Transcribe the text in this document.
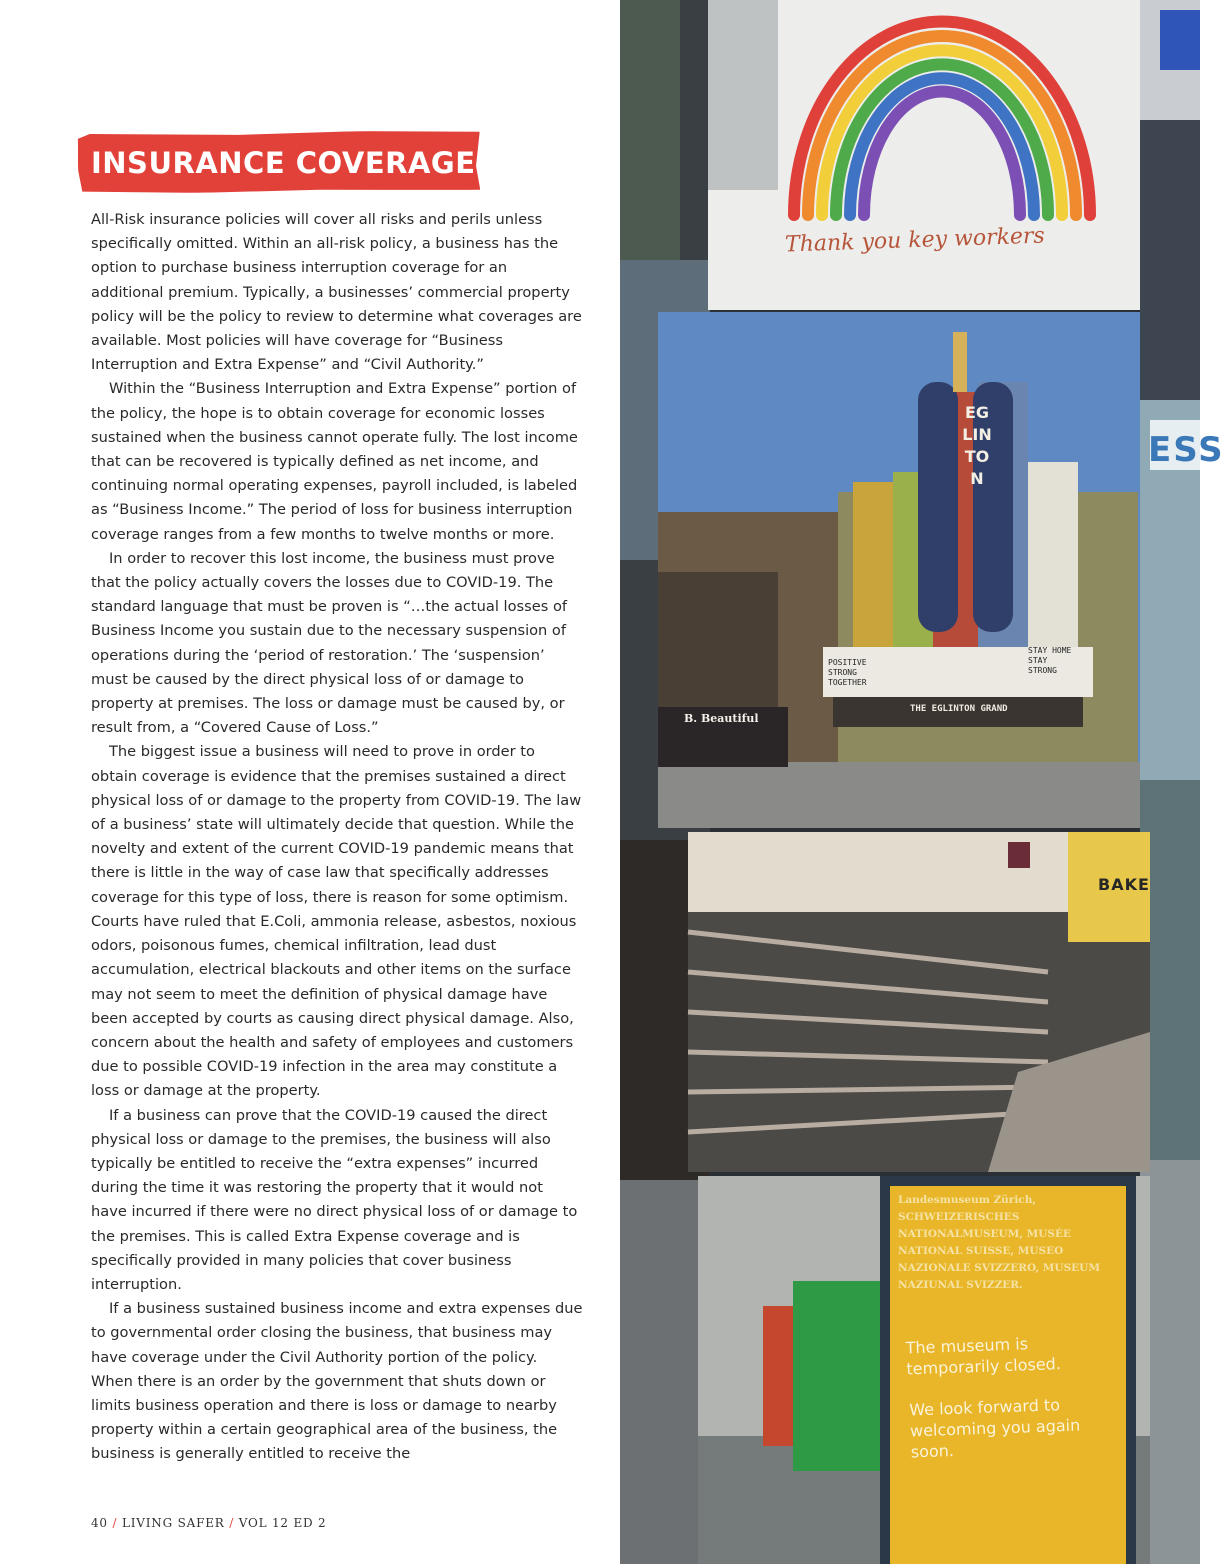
INSURANCE COVERAGE

All-Risk insurance policies will cover all risks and perils unless specifically omitted. Within an all-risk policy, a business has the option to purchase business interruption coverage for an additional premium. Typically, a businesses’ commercial property policy will be the policy to review to determine what coverages are available. Most policies will have coverage for “Business Interruption and Extra Expense” and “Civil Authority.”

Within the “Business Interruption and Extra Expense” portion of the policy, the hope is to obtain coverage for economic losses sustained when the business cannot operate fully. The lost income that can be recovered is typically defined as net income, and continuing normal operating expenses, payroll included, is labeled as “Business Income.” The period of loss for business interruption coverage ranges from a few months to twelve months or more.

In order to recover this lost income, the business must prove that the policy actually covers the losses due to COVID-19. The standard language that must be proven is “…the actual losses of Business Income you sustain due to the necessary suspension of operations during the ‘period of restoration.’ The ‘suspension’ must be caused by the direct physical loss of or damage to property at premises. The loss or damage must be caused by, or result from, a “Covered Cause of Loss.”

The biggest issue a business will need to prove in order to obtain coverage is evidence that the premises sustained a direct physical loss of or damage to the property from COVID-19. The law of a business’ state will ultimately decide that question. While the novelty and extent of the current COVID-19 pandemic means that there is little in the way of case law that specifically addresses coverage for this type of loss, there is reason for some optimism. Courts have ruled that E.Coli, ammonia release, asbestos, noxious odors, poisonous fumes, chemical infiltration, lead dust accumulation, electrical blackouts and other items on the surface may not seem to meet the definition of physical damage have been accepted by courts as causing direct physical damage. Also, concern about the health and safety of employees and customers due to possible COVID-19 infection in the area may constitute a loss or damage at the property.

If a business can prove that the COVID-19 caused the direct physical loss or damage to the premises, the business will also typically be entitled to receive the “extra expenses” incurred during the time it was restoring the property that it would not have incurred if there were no direct physical loss of or damage to the premises. This is called Extra Expense coverage and is specifically provided in many policies that cover business interruption.

If a business sustained business income and extra expenses due to governmental order closing the business, that business may have coverage under the Civil Authority portion of the policy. When there is an order by the government that shuts down or limits business operation and there is loss or damage to nearby property within a certain geographical area of the business, the business is generally entitled to receive the

40 / LIVING SAFER / VOL 12 ED 2

ESS
Thank you key workers
EGLINTON
THE EGLINTON GRAND
POSITIVE STRONG TOGETHER
STAY HOME STAY STRONG
B. Beautiful
BAKE
Landesmuseum Zürich, SCHWEIZERISCHES NATIONALMUSEUM, MUSÉE NATIONAL SUISSE, MUSEO NAZIONALE SVIZZERO, MUSEUM NAZIUNAL SVIZZER.
The museum is temporarily closed.
We look forward to welcoming you again soon.
